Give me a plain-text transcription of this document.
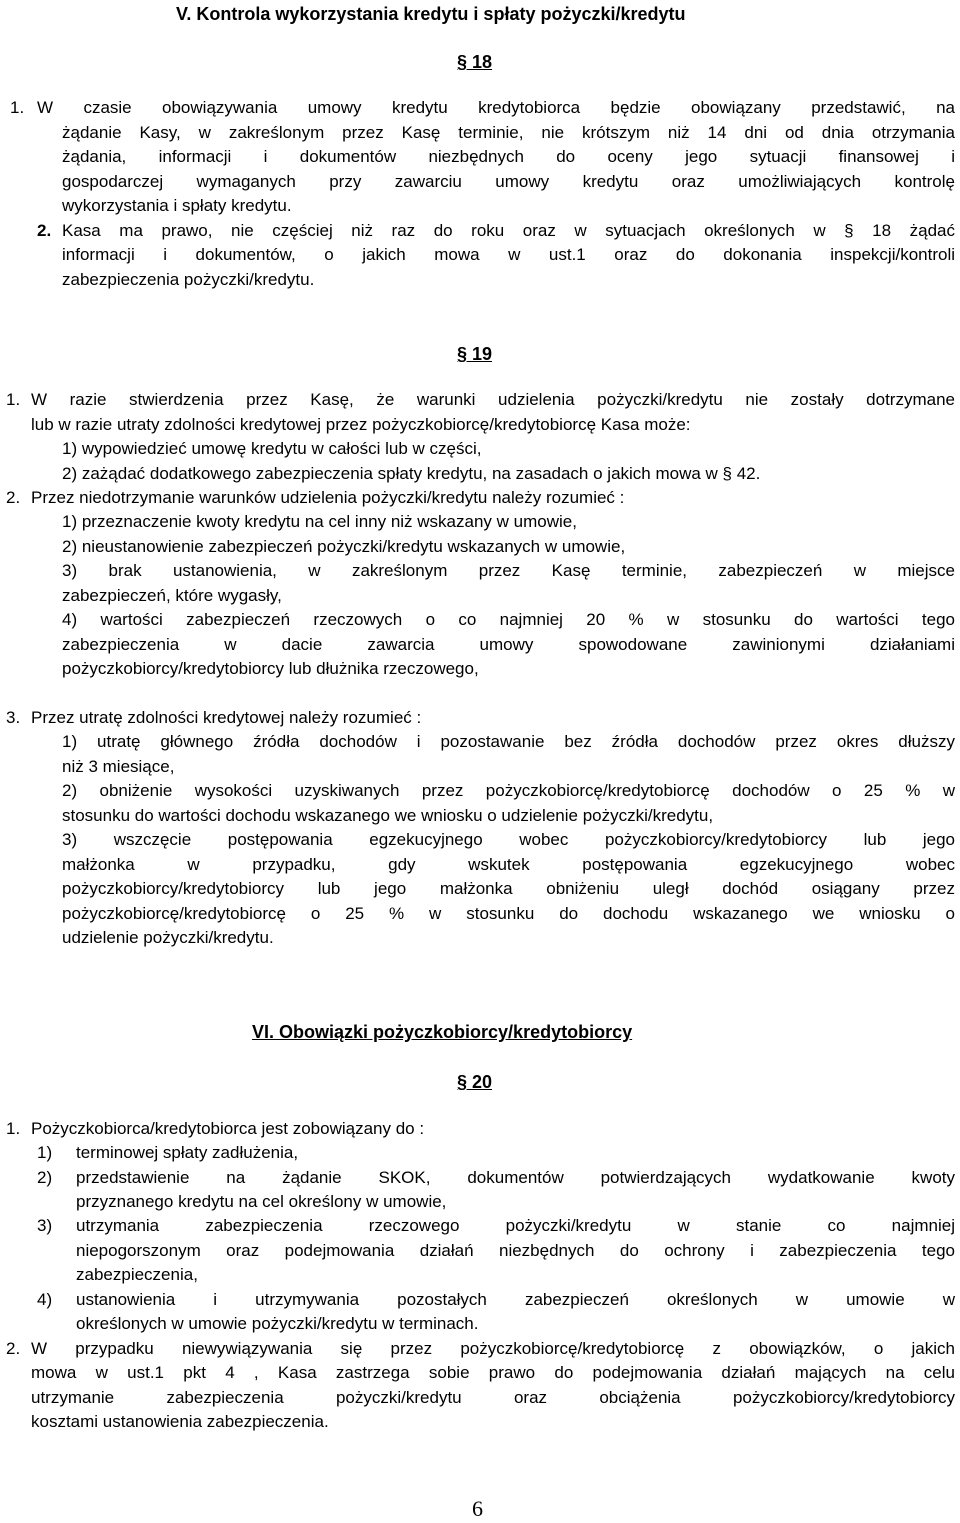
V. Kontrola wykorzystania kredytu i spłaty pożyczki/kredytu
§ 18
1. W czasie obowiązywania umowy kredytu kredytobiorca będzie obowiązany przedstawić, na
żądanie Kasy, w zakreślonym przez Kasę terminie, nie krótszym niż 14 dni od dnia otrzymania
żądania, informacji i dokumentów niezbędnych do oceny jego sytuacji finansowej i
gospodarczej wymaganych przy zawarciu umowy kredytu oraz umożliwiających kontrolę
wykorzystania i spłaty kredytu.
2. Kasa ma prawo, nie częściej niż raz do roku oraz w sytuacjach określonych w § 18 żądać
informacji i dokumentów, o jakich mowa w ust.1 oraz do dokonania inspekcji/kontroli
zabezpieczenia pożyczki/kredytu.
§ 19
1. W razie stwierdzenia przez Kasę, że warunki udzielenia pożyczki/kredytu nie zostały dotrzymane
lub w razie utraty zdolności kredytowej przez pożyczkobiorcę/kredytobiorcę Kasa może:
1) wypowiedzieć umowę kredytu w całości lub w części,
2) zażądać dodatkowego zabezpieczenia spłaty kredytu, na zasadach o jakich mowa w § 42.
2. Przez niedotrzymanie warunków udzielenia pożyczki/kredytu należy rozumieć :
1) przeznaczenie kwoty kredytu na cel inny niż wskazany w umowie,
2) nieustanowienie zabezpieczeń pożyczki/kredytu wskazanych w umowie,
3) brak ustanowienia, w zakreślonym przez Kasę terminie, zabezpieczeń w miejsce
zabezpieczeń, które wygasły,
4) wartości zabezpieczeń rzeczowych o co najmniej 20 % w stosunku do wartości tego
zabezpieczenia w dacie zawarcia umowy spowodowane zawinionymi działaniami
pożyczkobiorcy/kredytobiorcy lub dłużnika rzeczowego,
3. Przez utratę zdolności kredytowej należy rozumieć :
1) utratę głównego źródła dochodów i pozostawanie bez źródła dochodów przez okres dłuższy
niż 3 miesiące,
2) obniżenie wysokości uzyskiwanych przez pożyczkobiorcę/kredytobiorcę dochodów o 25 % w
stosunku do wartości dochodu wskazanego we wniosku o udzielenie pożyczki/kredytu,
3) wszczęcie postępowania egzekucyjnego wobec pożyczkobiorcy/kredytobiorcy lub jego
małżonka w przypadku, gdy wskutek postępowania egzekucyjnego wobec
pożyczkobiorcy/kredytobiorcy lub jego małżonka obniżeniu uległ dochód osiągany przez
pożyczkobiorcę/kredytobiorcę o 25 % w stosunku do dochodu wskazanego we wniosku o
udzielenie pożyczki/kredytu.
VI. Obowiązki pożyczkobiorcy/kredytobiorcy
§ 20
1. Pożyczkobiorca/kredytobiorca jest zobowiązany do :
1) terminowej spłaty zadłużenia,
2) przedstawienie na żądanie SKOK, dokumentów potwierdzających wydatkowanie kwoty
przyznanego kredytu na cel określony w umowie,
3) utrzymania zabezpieczenia rzeczowego pożyczki/kredytu w stanie co najmniej
niepogorszonym oraz podejmowania działań niezbędnych do ochrony i zabezpieczenia tego
zabezpieczenia,
4) ustanowienia i utrzymywania pozostałych zabezpieczeń określonych w umowie w
określonych w umowie pożyczki/kredytu w terminach.
2. W przypadku niewywiązywania się przez pożyczkobiorcę/kredytobiorcę z obowiązków, o jakich
mowa w ust.1 pkt 4 , Kasa zastrzega sobie prawo do podejmowania działań mających na celu
utrzymanie zabezpieczenia pożyczki/kredytu oraz obciążenia pożyczkobiorcy/kredytobiorcy
kosztami ustanowienia zabezpieczenia.
6
